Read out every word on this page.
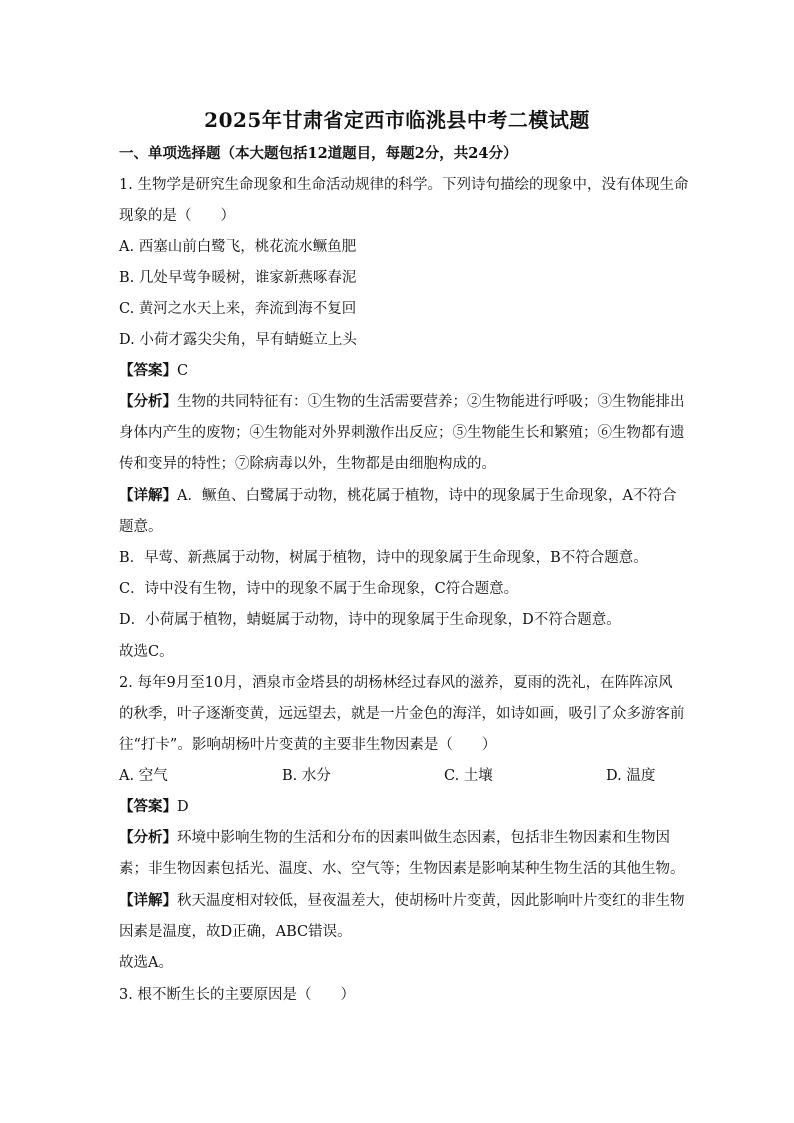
2025年甘肃省定西市临洮县中考二模试题
一、单项选择题（本大题包括12道题目，每题2分，共24分）
1. 生物学是研究生命现象和生命活动规律的科学。下列诗句描绘的现象中，没有体现生命
现象的是（　　）
A. 西塞山前白鹭飞，桃花流水鳜鱼肥
B. 几处早莺争暖树，谁家新燕啄春泥
C. 黄河之水天上来，奔流到海不复回
D. 小荷才露尖尖角，早有蜻蜓立上头
【答案】C
【分析】生物的共同特征有：①生物的生活需要营养；②生物能进行呼吸；③生物能排出
身体内产生的废物；④生物能对外界刺激作出反应；⑤生物能生长和繁殖；⑥生物都有遗
传和变异的特性；⑦除病毒以外，生物都是由细胞构成的。
【详解】A．鳜鱼、白鹭属于动物，桃花属于植物，诗中的现象属于生命现象，A不符合
题意。
B．早莺、新燕属于动物，树属于植物，诗中的现象属于生命现象，B不符合题意。
C．诗中没有生物，诗中的现象不属于生命现象，C符合题意。
D．小荷属于植物，蜻蜓属于动物，诗中的现象属于生命现象，D不符合题意。
故选C。
2. 每年9月至10月，酒泉市金塔县的胡杨林经过春风的滋养，夏雨的洗礼，在阵阵凉风
的秋季，叶子逐渐变黄，远远望去，就是一片金色的海洋，如诗如画，吸引了众多游客前
往“打卡”。影响胡杨叶片变黄的主要非生物因素是（　　）
A. 空气	B. 水分	C. 土壤	D. 温度
【答案】D
【分析】环境中影响生物的生活和分布的因素叫做生态因素，包括非生物因素和生物因
素；非生物因素包括光、温度、水、空气等；生物因素是影响某种生物生活的其他生物。
【详解】秋天温度相对较低，昼夜温差大，使胡杨叶片变黄，因此影响叶片变红的非生物
因素是温度，故D正确，ABC错误。
故选A。
3. 根不断生长的主要原因是（　　）
